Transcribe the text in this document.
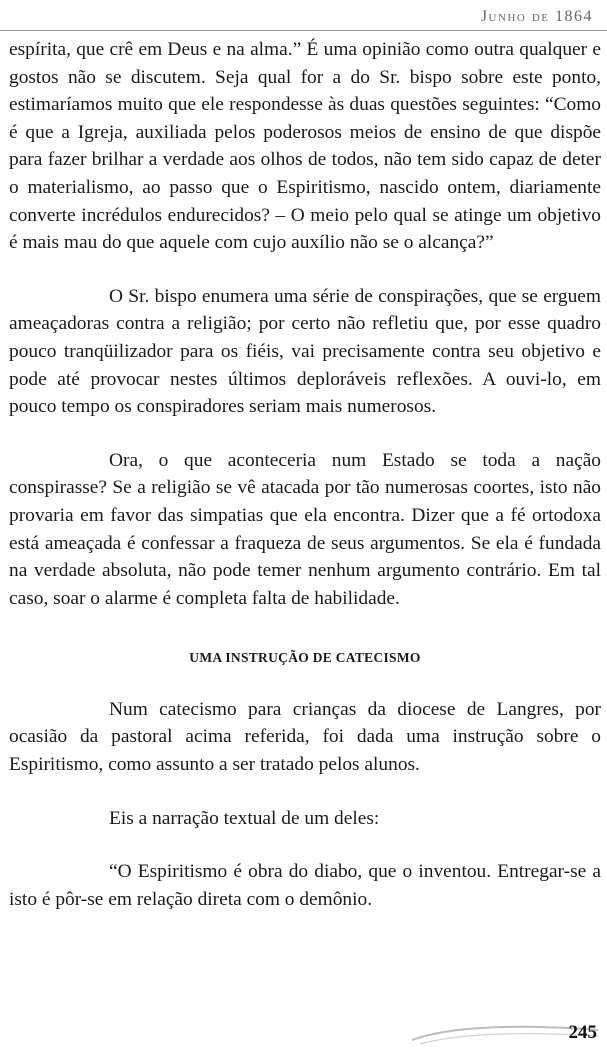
Junho de 1864

espírita, que crê em Deus e na alma.” É uma opinião como outra qualquer e gostos não se discutem. Seja qual for a do Sr. bispo sobre este ponto, estimaríamos muito que ele respondesse às duas questões seguintes: “Como é que a Igreja, auxiliada pelos poderosos meios de ensino de que dispõe para fazer brilhar a verdade aos olhos de todos, não tem sido capaz de deter o materialismo, ao passo que o Espiritismo, nascido ontem, diariamente converte incrédulos endurecidos? – O meio pelo qual se atinge um objetivo é mais mau do que aquele com cujo auxílio não se o alcança?”

O Sr. bispo enumera uma série de conspirações, que se erguem ameaçadoras contra a religião; por certo não refletiu que, por esse quadro pouco tranqüilizador para os fiéis, vai precisamente contra seu objetivo e pode até provocar nestes últimos deploráveis reflexões. A ouvi-lo, em pouco tempo os conspiradores seriam mais numerosos.

Ora, o que aconteceria num Estado se toda a nação conspirasse? Se a religião se vê atacada por tão numerosas coortes, isto não provaria em favor das simpatias que ela encontra. Dizer que a fé ortodoxa está ameaçada é confessar a fraqueza de seus argumentos. Se ela é fundada na verdade absoluta, não pode temer nenhum argumento contrário. Em tal caso, soar o alarme é completa falta de habilidade.

UMA INSTRUÇÃO DE CATECISMO

Num catecismo para crianças da diocese de Langres, por ocasião da pastoral acima referida, foi dada uma instrução sobre o Espiritismo, como assunto a ser tratado pelos alunos.

Eis a narração textual de um deles:

“O Espiritismo é obra do diabo, que o inventou. Entregar-se a isto é pôr-se em relação direta com o demônio.

245
